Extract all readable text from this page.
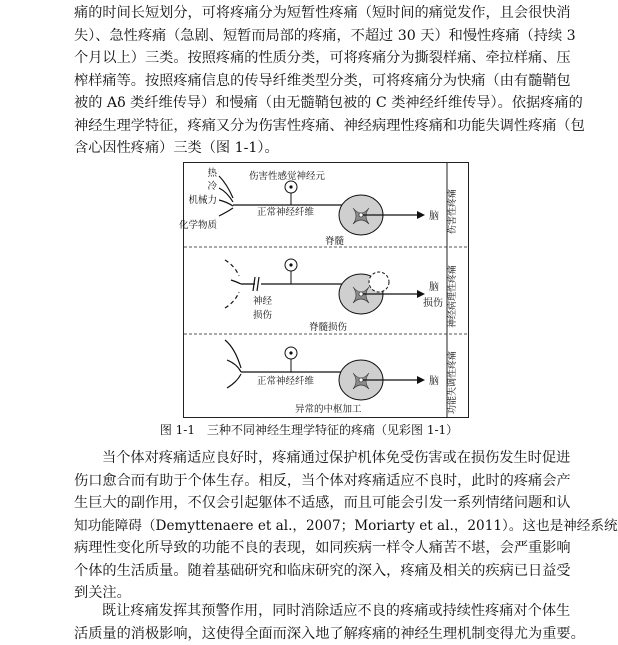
痛的时间长短划分，可将疼痛分为短暂性疼痛（短时间的痛觉发作，且会很快消
失）、急性疼痛（急剧、短暂而局部的疼痛，不超过 30 天）和慢性疼痛（持续 3
个月以上）三类。按照疼痛的性质分类，可将疼痛分为撕裂样痛、牵拉样痛、压
榨样痛等。按照疼痛信息的传导纤维类型分类，可将疼痛分为快痛（由有髓鞘包
被的 Aδ 类纤维传导）和慢痛（由无髓鞘包被的 C 类神经纤维传导）。依据疼痛的
神经生理学特征，疼痛又分为伤害性疼痛、神经病理性疼痛和功能失调性疼痛（包
含心因性疼痛）三类（图 1-1）。

热
冷
机械力
化学物质
伤害性感觉神经元
正常神经纤维
脊髓
脑 伤害性疼痛
神经
损伤
脊髓损伤
脑
损伤 神经病理性疼痛
正常神经纤维	脑
异常的中枢加工	功能失调性疼痛
图 1-1　三种不同神经生理学特征的疼痛（见彩图 1-1）

当个体对疼痛适应良好时，疼痛通过保护机体免受伤害或在损伤发生时促进
伤口愈合而有助于个体生存。相反，当个体对疼痛适应不良时，此时的疼痛会产
生巨大的副作用，不仅会引起躯体不适感，而且可能会引发一系列情绪问题和认
知功能障碍（Demyttenaere et al.，2007；Moriarty et al.，2011）。这也是神经系统
病理性变化所导致的功能不良的表现，如同疾病一样令人痛苦不堪，会严重影响
个体的生活质量。随着基础研究和临床研究的深入，疼痛及相关的疾病已日益受
到关注。

既让疼痛发挥其预警作用，同时消除适应不良的疼痛或持续性疼痛对个体生
活质量的消极影响，这使得全面而深入地了解疼痛的神经生理机制变得尤为重要。
